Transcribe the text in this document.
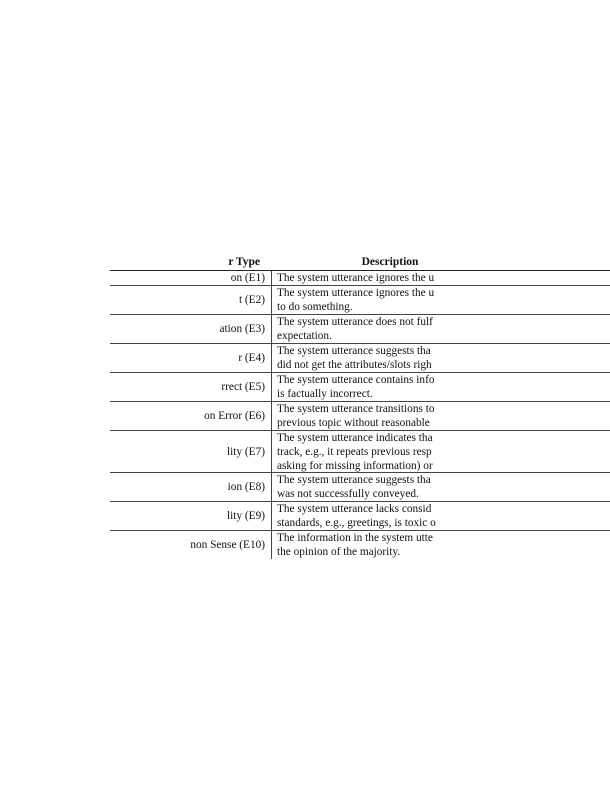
r Type	Description
on (E1) The system utterance ignores the u
t (E2)
The system utterance ignores the u
to do something.
ation (E3)
The system utterance does not fulf
expectation.
r (E4)
The system utterance suggests tha
did not get the attributes/slots righ
rrect (E5)
The system utterance contains info
is factually incorrect.
on Error (E6)
The system utterance transitions to
previous topic without reasonable
lity (E7)
The system utterance indicates tha
track, e.g., it repeats previous resp
asking for missing information) or
ion (E8)
The system utterance suggests tha
was not successfully conveyed.
lity (E9)
The system utterance lacks consid
standards, e.g., greetings, is toxic o
non Sense (E10)
The information in the system utte
the opinion of the majority.
